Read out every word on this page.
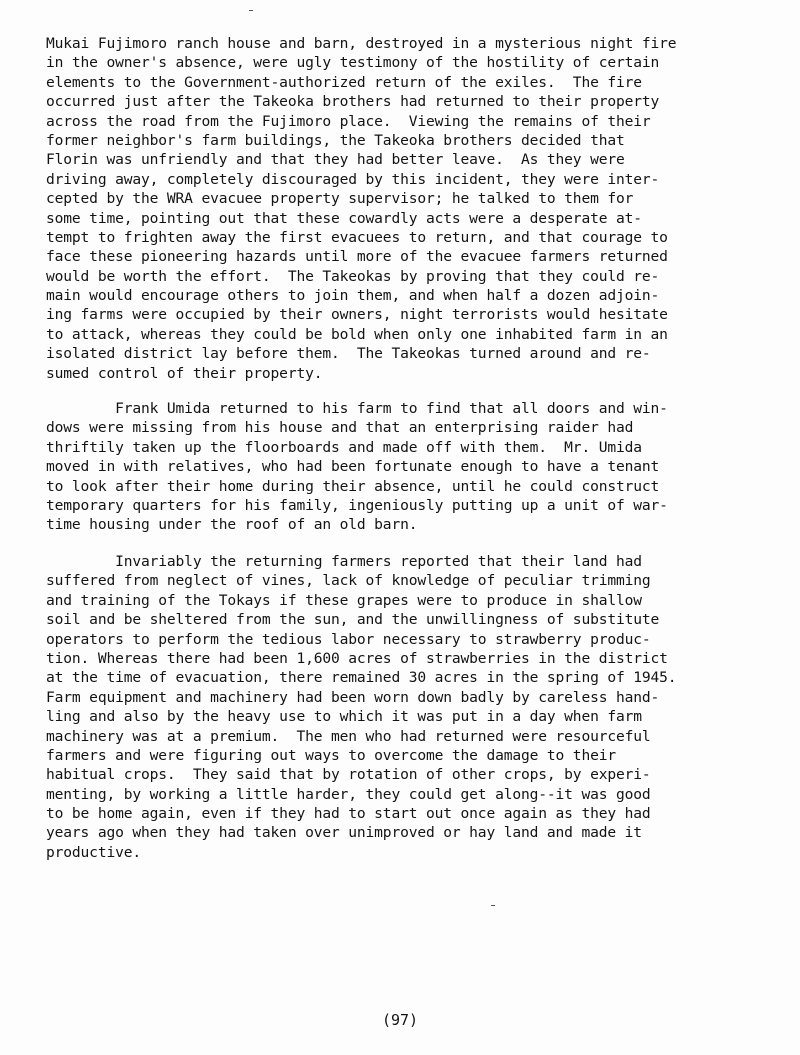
Mukai Fujimoro ranch house and barn, destroyed in a mysterious night fire
in the owner's absence, were ugly testimony of the hostility of certain
elements to the Government-authorized return of the exiles.  The fire
occurred just after the Takeoka brothers had returned to their property
across the road from the Fujimoro place.  Viewing the remains of their
former neighbor's farm buildings, the Takeoka brothers decided that
Florin was unfriendly and that they had better leave.  As they were
driving away, completely discouraged by this incident, they were inter-
cepted by the WRA evacuee property supervisor; he talked to them for
some time, pointing out that these cowardly acts were a desperate at-
tempt to frighten away the first evacuees to return, and that courage to
face these pioneering hazards until more of the evacuee farmers returned
would be worth the effort.  The Takeokas by proving that they could re-
main would encourage others to join them, and when half a dozen adjoin-
ing farms were occupied by their owners, night terrorists would hesitate
to attack, whereas they could be bold when only one inhabited farm in an
isolated district lay before them.  The Takeokas turned around and re-
sumed control of their property.
Frank Umida returned to his farm to find that all doors and win-
dows were missing from his house and that an enterprising raider had
thriftily taken up the floorboards and made off with them.  Mr. Umida
moved in with relatives, who had been fortunate enough to have a tenant
to look after their home during their absence, until he could construct
temporary quarters for his family, ingeniously putting up a unit of war-
time housing under the roof of an old barn.
Invariably the returning farmers reported that their land had
suffered from neglect of vines, lack of knowledge of peculiar trimming
and training of the Tokays if these grapes were to produce in shallow
soil and be sheltered from the sun, and the unwillingness of substitute
operators to perform the tedious labor necessary to strawberry produc-
tion. Whereas there had been 1,600 acres of strawberries in the district
at the time of evacuation, there remained 30 acres in the spring of 1945.
Farm equipment and machinery had been worn down badly by careless hand-
ling and also by the heavy use to which it was put in a day when farm
machinery was at a premium.  The men who had returned were resourceful
farmers and were figuring out ways to overcome the damage to their
habitual crops.  They said that by rotation of other crops, by experi-
menting, by working a little harder, they could get along--it was good
to be home again, even if they had to start out once again as they had
years ago when they had taken over unimproved or hay land and made it
productive.
(97)
